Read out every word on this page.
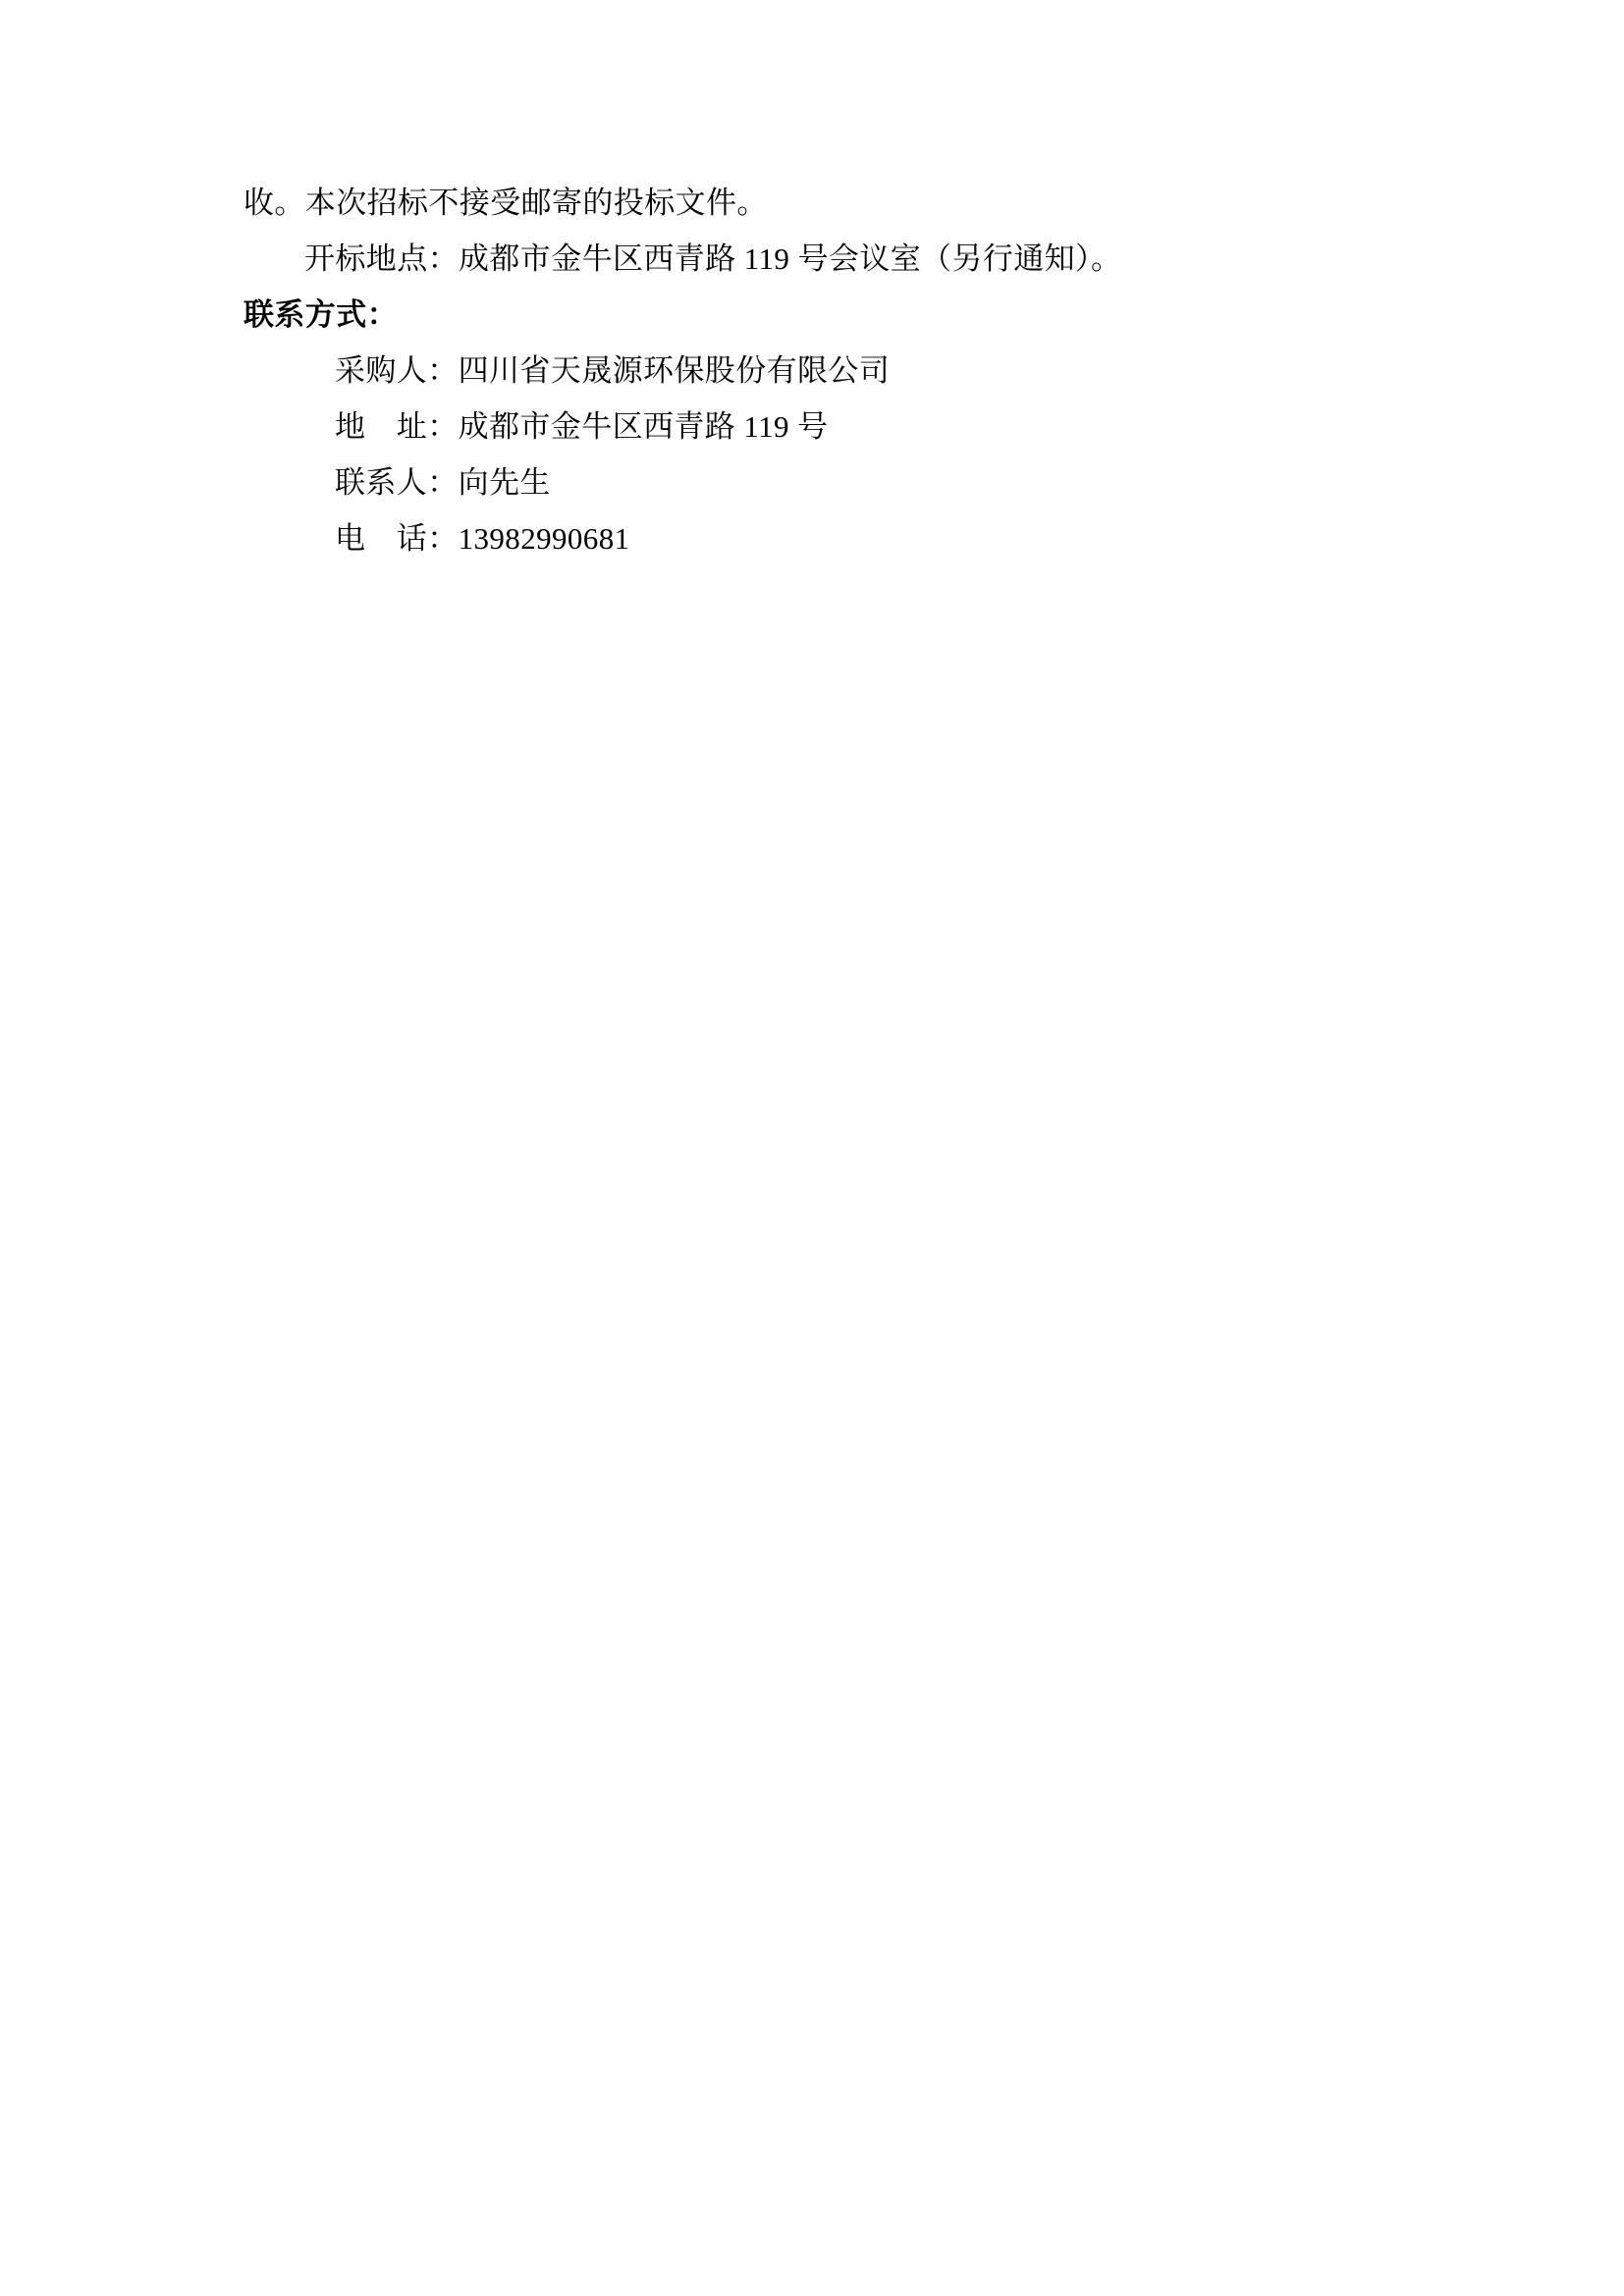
收。本次招标不接受邮寄的投标文件。
开标地点：成都市金牛区西青路 119 号会议室（另行通知）。
联系方式：
采购人：四川省天晟源环保股份有限公司
地　址：成都市金牛区西青路 119 号
联系人：向先生
电　话：13982990681
